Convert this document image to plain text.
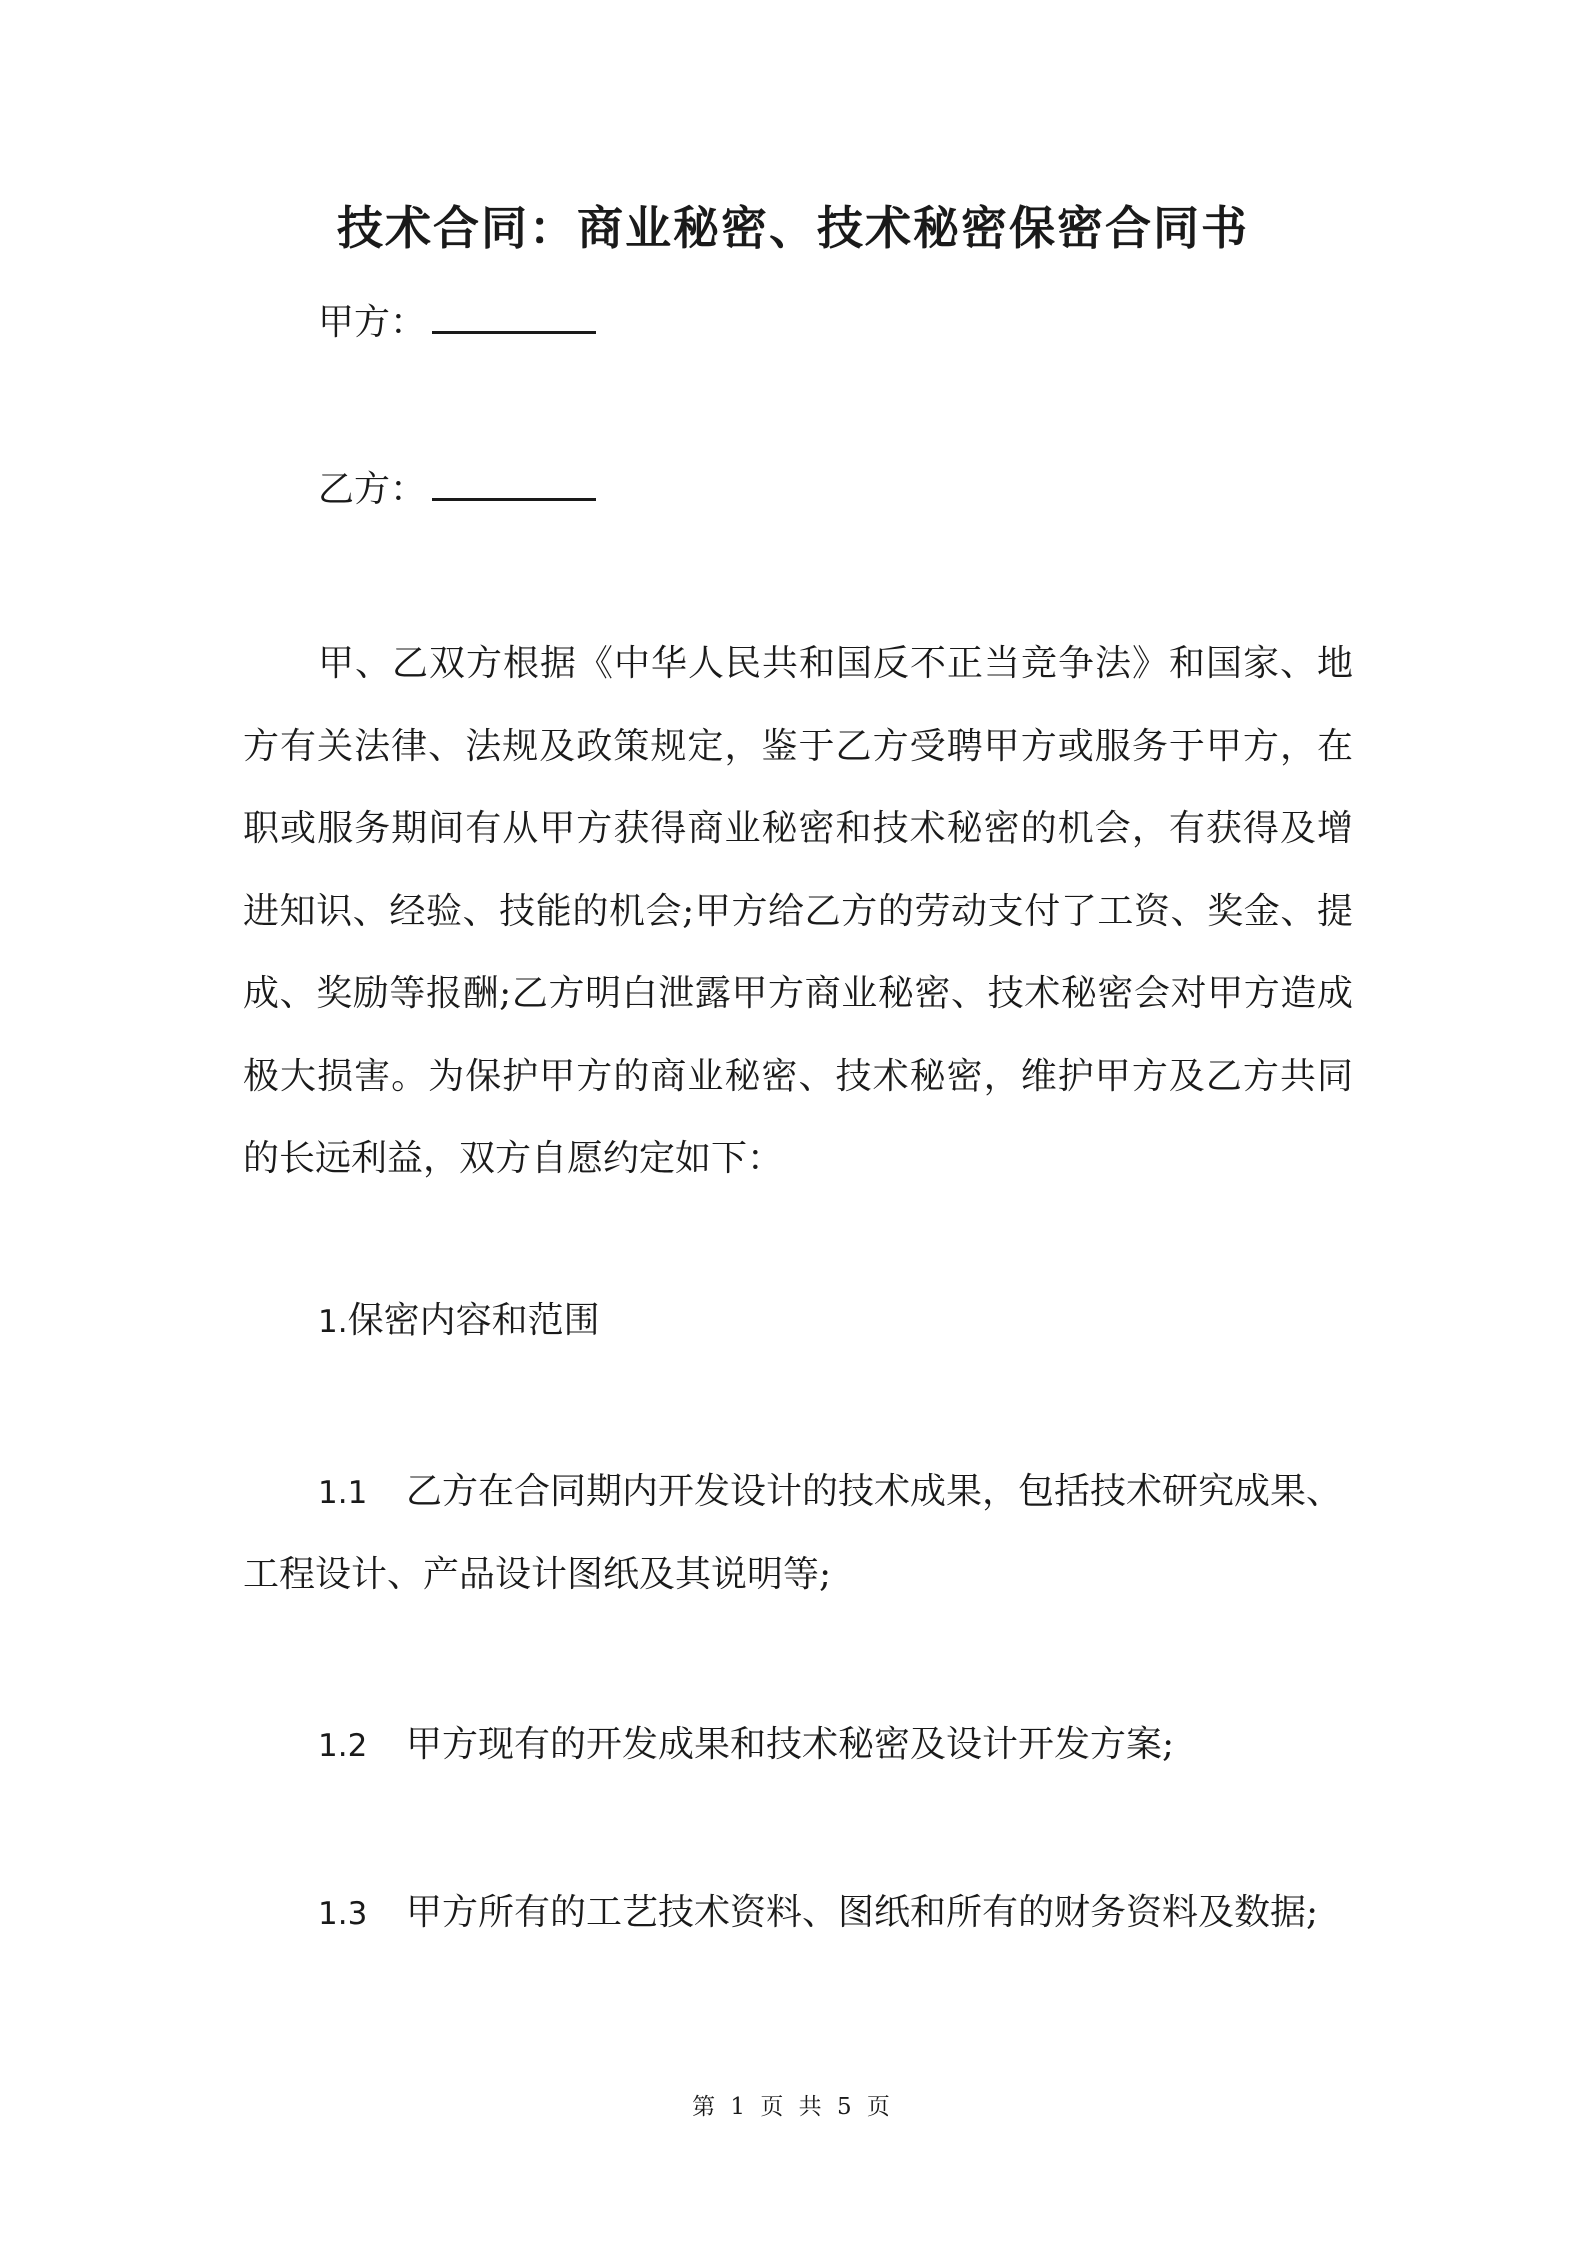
技术合同：商业秘密、技术秘密保密合同书
甲方：
乙方：
甲、乙双方根据《中华人民共和国反不正当竞争法》和国家、地方有关法律、法规及政策规定，鉴于乙方受聘甲方或服务于甲方，在职或服务期间有从甲方获得商业秘密和技术秘密的机会，有获得及增进知识、经验、技能的机会;甲方给乙方的劳动支付了工资、奖金、提成、奖励等报酬;乙方明白泄露甲方商业秘密、技术秘密会对甲方造成极大损害。为保护甲方的商业秘密、技术秘密，维护甲方及乙方共同的长远利益，双方自愿约定如下：
1.保密内容和范围
1.1 乙方在合同期内开发设计的技术成果，包括技术研究成果、
工程设计、产品设计图纸及其说明等;
1.2 甲方现有的开发成果和技术秘密及设计开发方案;
1.3 甲方所有的工艺技术资料、图纸和所有的财务资料及数据;
第 1 页 共 5 页
